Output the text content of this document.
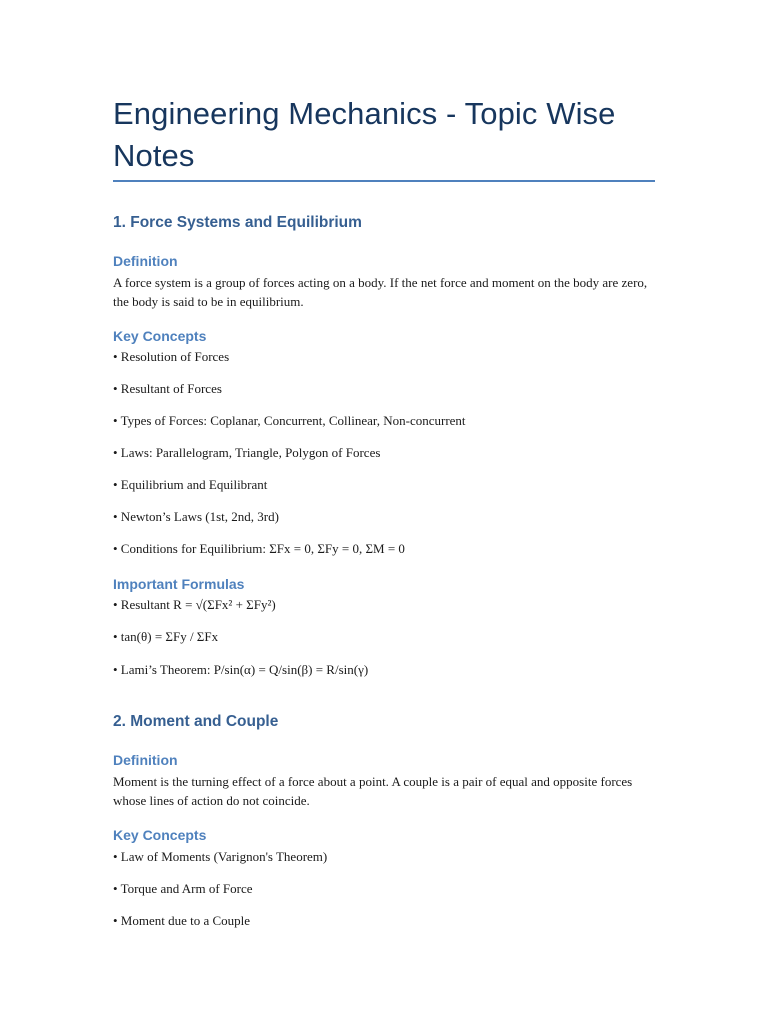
Engineering Mechanics - Topic Wise Notes
1. Force Systems and Equilibrium
Definition

A force system is a group of forces acting on a body. If the net force and moment on the body are zero, the body is said to be in equilibrium.

Key Concepts

• Resolution of Forces

• Resultant of Forces

• Types of Forces: Coplanar, Concurrent, Collinear, Non-concurrent

• Laws: Parallelogram, Triangle, Polygon of Forces

• Equilibrium and Equilibrant

• Newton’s Laws (1st, 2nd, 3rd)

• Conditions for Equilibrium: ΣFx = 0, ΣFy = 0, ΣM = 0

Important Formulas

• Resultant R = √(ΣFx² + ΣFy²)

• tan(θ) = ΣFy / ΣFx

• Lami’s Theorem: P/sin(α) = Q/sin(β) = R/sin(γ)

2. Moment and Couple
Definition

Moment is the turning effect of a force about a point. A couple is a pair of equal and opposite forces whose lines of action do not coincide.

Key Concepts

• Law of Moments (Varignon's Theorem)

• Torque and Arm of Force

• Moment due to a Couple
